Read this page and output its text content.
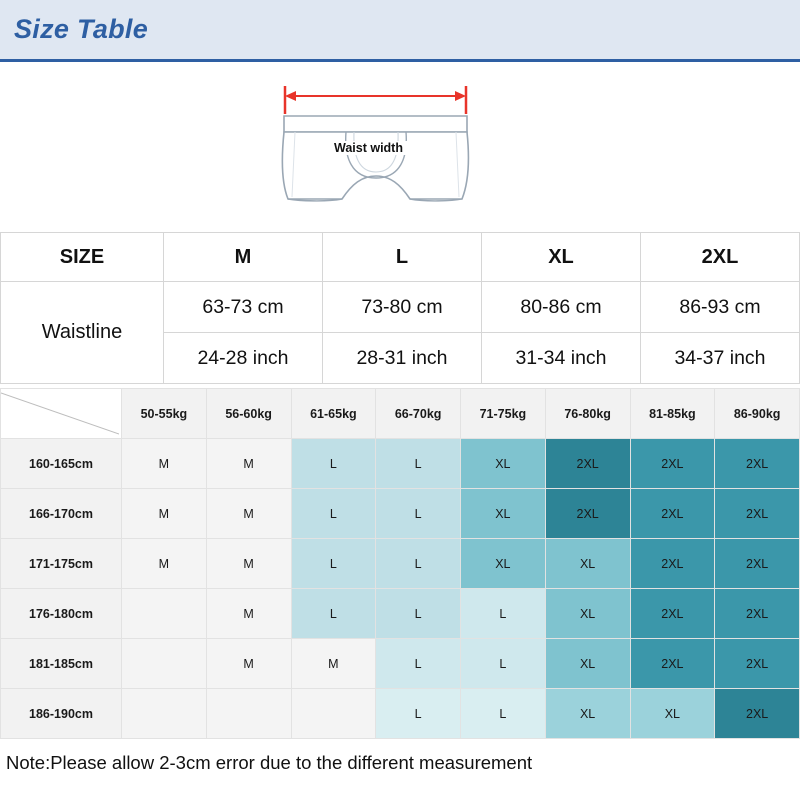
Size Table
Waist width
SIZE	M	L	XL	2XL
Waistline	63-73 cm	73-80 cm	80-86 cm	86-93 cm
	24-28 inch	28-31 inch	31-34 inch	34-37 inch
	50-55kg	56-60kg	61-65kg	66-70kg	71-75kg	76-80kg	81-85kg	86-90kg
160-165cm	M	M	L	L	XL	2XL	2XL	2XL
166-170cm	M	M	L	L	XL	2XL	2XL	2XL
171-175cm	M	M	L	L	XL	XL	2XL	2XL
176-180cm		M	L	L	L	XL	2XL	2XL
181-185cm		M	M	L	L	XL	2XL	2XL
186-190cm				L	L	XL	XL	2XL
Note:Please allow 2-3cm error due to the different measurement
